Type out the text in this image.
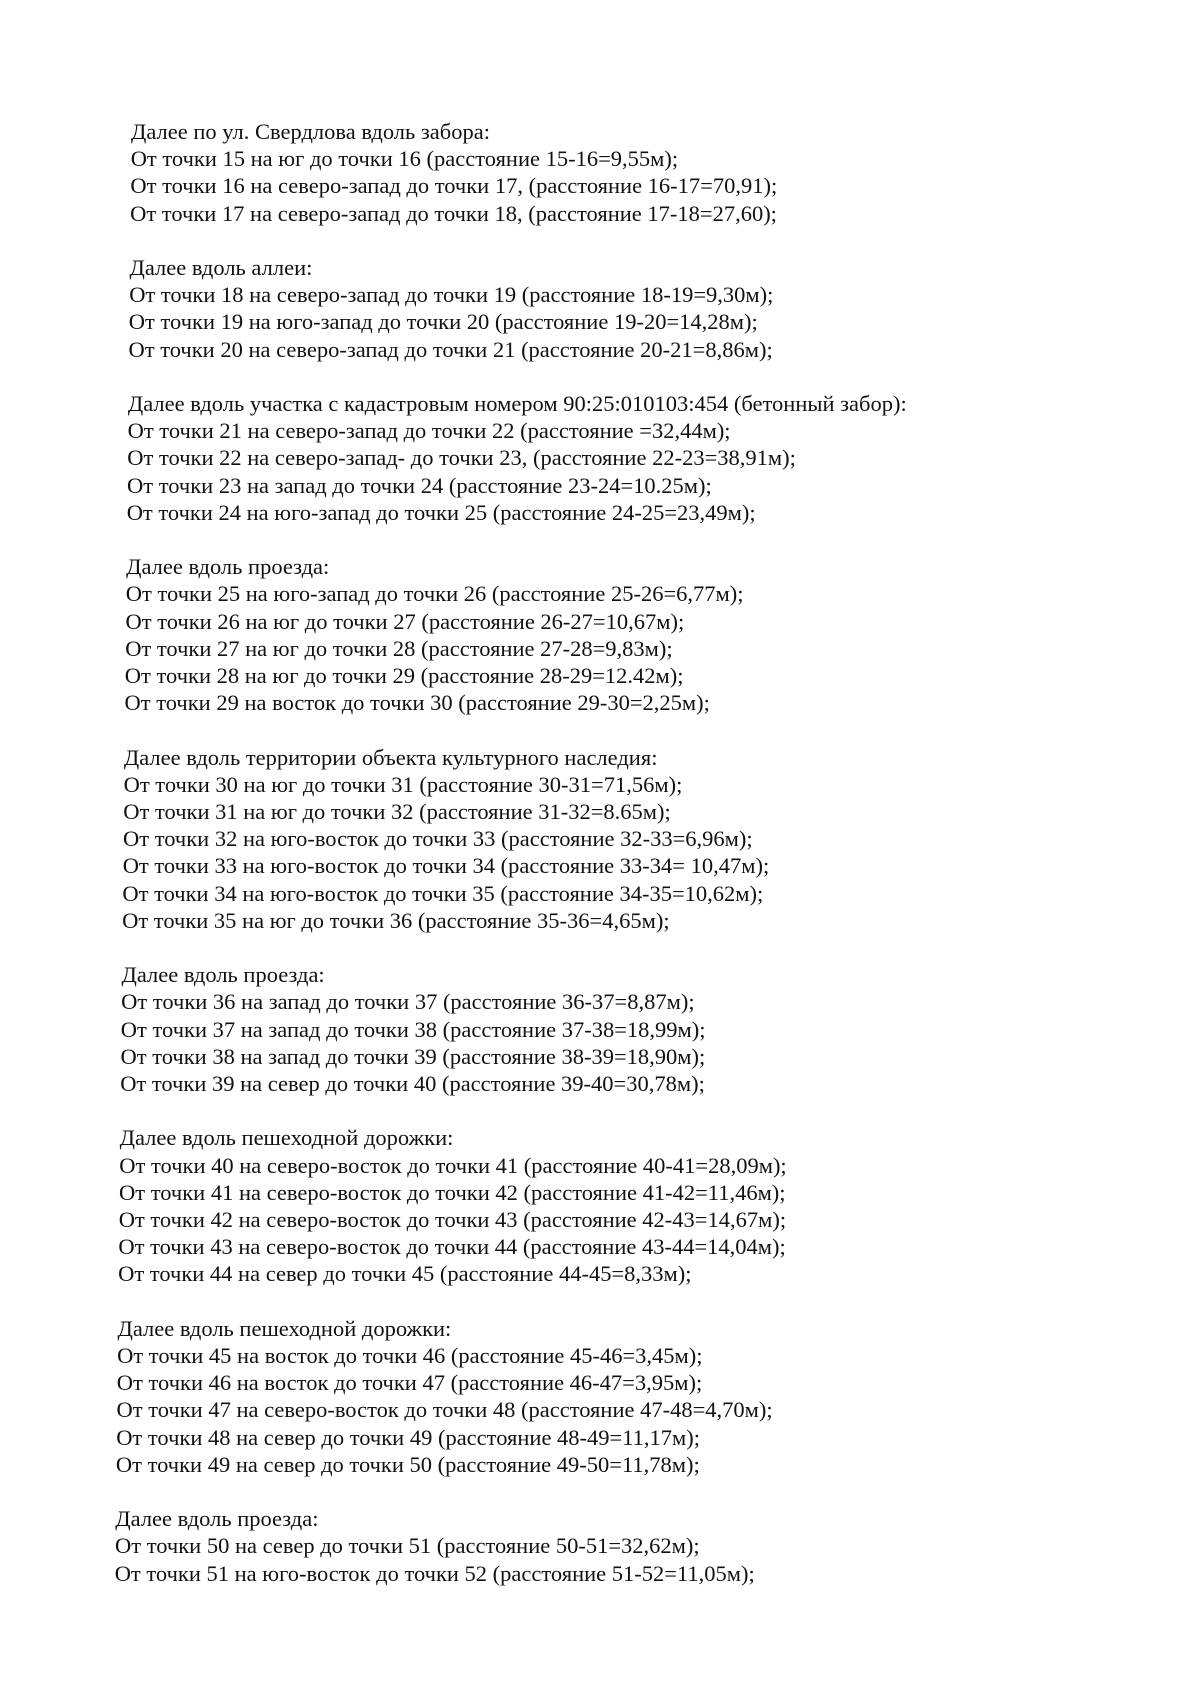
Далее по ул. Свердлова вдоль забора:
От точки 15 на юг до точки 16 (расстояние 15-16=9,55м);
От точки 16 на северо-запад до точки 17, (расстояние 16-17=70,91);
От точки 17 на северо-запад до точки 18, (расстояние 17-18=27,60);
Далее вдоль аллеи:
От точки 18 на северо-запад до точки 19 (расстояние 18-19=9,30м);
От точки 19 на юго-запад до точки 20 (расстояние 19-20=14,28м);
От точки 20 на северо-запад до точки 21 (расстояние 20-21=8,86м);
Далее вдоль участка с кадастровым номером 90:25:010103:454 (бетонный забор):
От точки 21 на северо-запад до точки 22 (расстояние =32,44м);
От точки 22 на северо-запад- до точки 23, (расстояние 22-23=38,91м);
От точки 23 на запад до точки 24 (расстояние 23-24=10.25м);
От точки 24 на юго-запад до точки 25 (расстояние 24-25=23,49м);
Далее вдоль проезда:
От точки 25 на юго-запад до точки 26 (расстояние 25-26=6,77м);
От точки 26 на юг до точки 27 (расстояние 26-27=10,67м);
От точки 27 на юг до точки 28 (расстояние 27-28=9,83м);
От точки 28 на юг до точки 29 (расстояние 28-29=12.42м);
От точки 29 на восток до точки 30 (расстояние 29-30=2,25м);
Далее вдоль территории объекта культурного наследия:
От точки 30 на юг до точки 31 (расстояние 30-31=71,56м);
От точки 31 на юг до точки 32 (расстояние 31-32=8.65м);
От точки 32 на юго-восток до точки 33 (расстояние 32-33=6,96м);
От точки 33 на юго-восток до точки 34 (расстояние 33-34= 10,47м);
От точки 34 на юго-восток до точки 35 (расстояние 34-35=10,62м);
От точки 35 на юг до точки 36 (расстояние 35-36=4,65м);
Далее вдоль проезда:
От точки 36 на запад до точки 37 (расстояние 36-37=8,87м);
От точки 37 на запад до точки 38 (расстояние 37-38=18,99м);
От точки 38 на запад до точки 39 (расстояние 38-39=18,90м);
От точки 39 на север до точки 40 (расстояние 39-40=30,78м);
Далее вдоль пешеходной дорожки:
От точки 40 на северо-восток до точки 41 (расстояние 40-41=28,09м);
От точки 41 на северо-восток до точки 42 (расстояние 41-42=11,46м);
От точки 42 на северо-восток до точки 43 (расстояние 42-43=14,67м);
От точки 43 на северо-восток до точки 44 (расстояние 43-44=14,04м);
От точки 44 на север до точки 45 (расстояние 44-45=8,33м);
Далее вдоль пешеходной дорожки:
От точки 45 на восток до точки 46 (расстояние 45-46=3,45м);
От точки 46 на восток до точки 47 (расстояние 46-47=3,95м);
От точки 47 на северо-восток до точки 48 (расстояние 47-48=4,70м);
От точки 48 на север до точки 49 (расстояние 48-49=11,17м);
От точки 49 на север до точки 50 (расстояние 49-50=11,78м);
Далее вдоль проезда:
От точки 50 на север до точки 51 (расстояние 50-51=32,62м);
От точки 51 на юго-восток до точки 52 (расстояние 51-52=11,05м);
